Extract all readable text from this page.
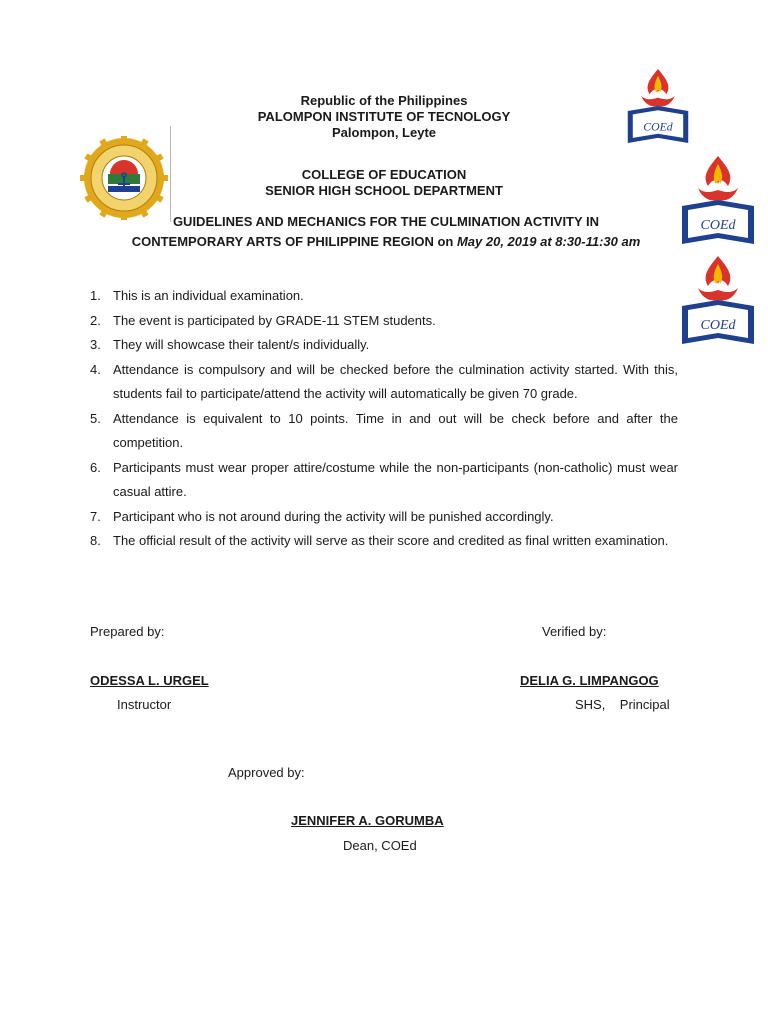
COEd
COEd
COEd
Republic of the Philippines
PALOMPON INSTITUTE OF TECNOLOGY
Palompon, Leyte
COLLEGE OF EDUCATION
SENIOR HIGH SCHOOL DEPARTMENT
GUIDELINES AND MECHANICS FOR THE CULMINATION ACTIVITY IN
CONTEMPORARY ARTS OF PHILIPPINE REGION on May 20, 2019 at 8:30-11:30 am
1. This is an individual examination.
2. The event is participated by GRADE-11 STEM students.
3. They will showcase their talent/s individually.
4. Attendance is compulsory and will be checked before the culmination activity started. With this, students fail to participate/attend the activity will automatically be given 70 grade.
5. Attendance is equivalent to 10 points. Time in and out will be check before and after the competition.
6. Participants must wear proper attire/costume while the non-participants (non-catholic) must wear casual attire.
7. Participant who is not around during the activity will be punished accordingly.
8. The official result of the activity will serve as their score and credited as final written examination.
Prepared by:	Verified by:
ODESSA L. URGEL	DELIA G. LIMPANGOG
Instructor	SHS,    Principal
Approved by:
JENNIFER A. GORUMBA
Dean, COEd
